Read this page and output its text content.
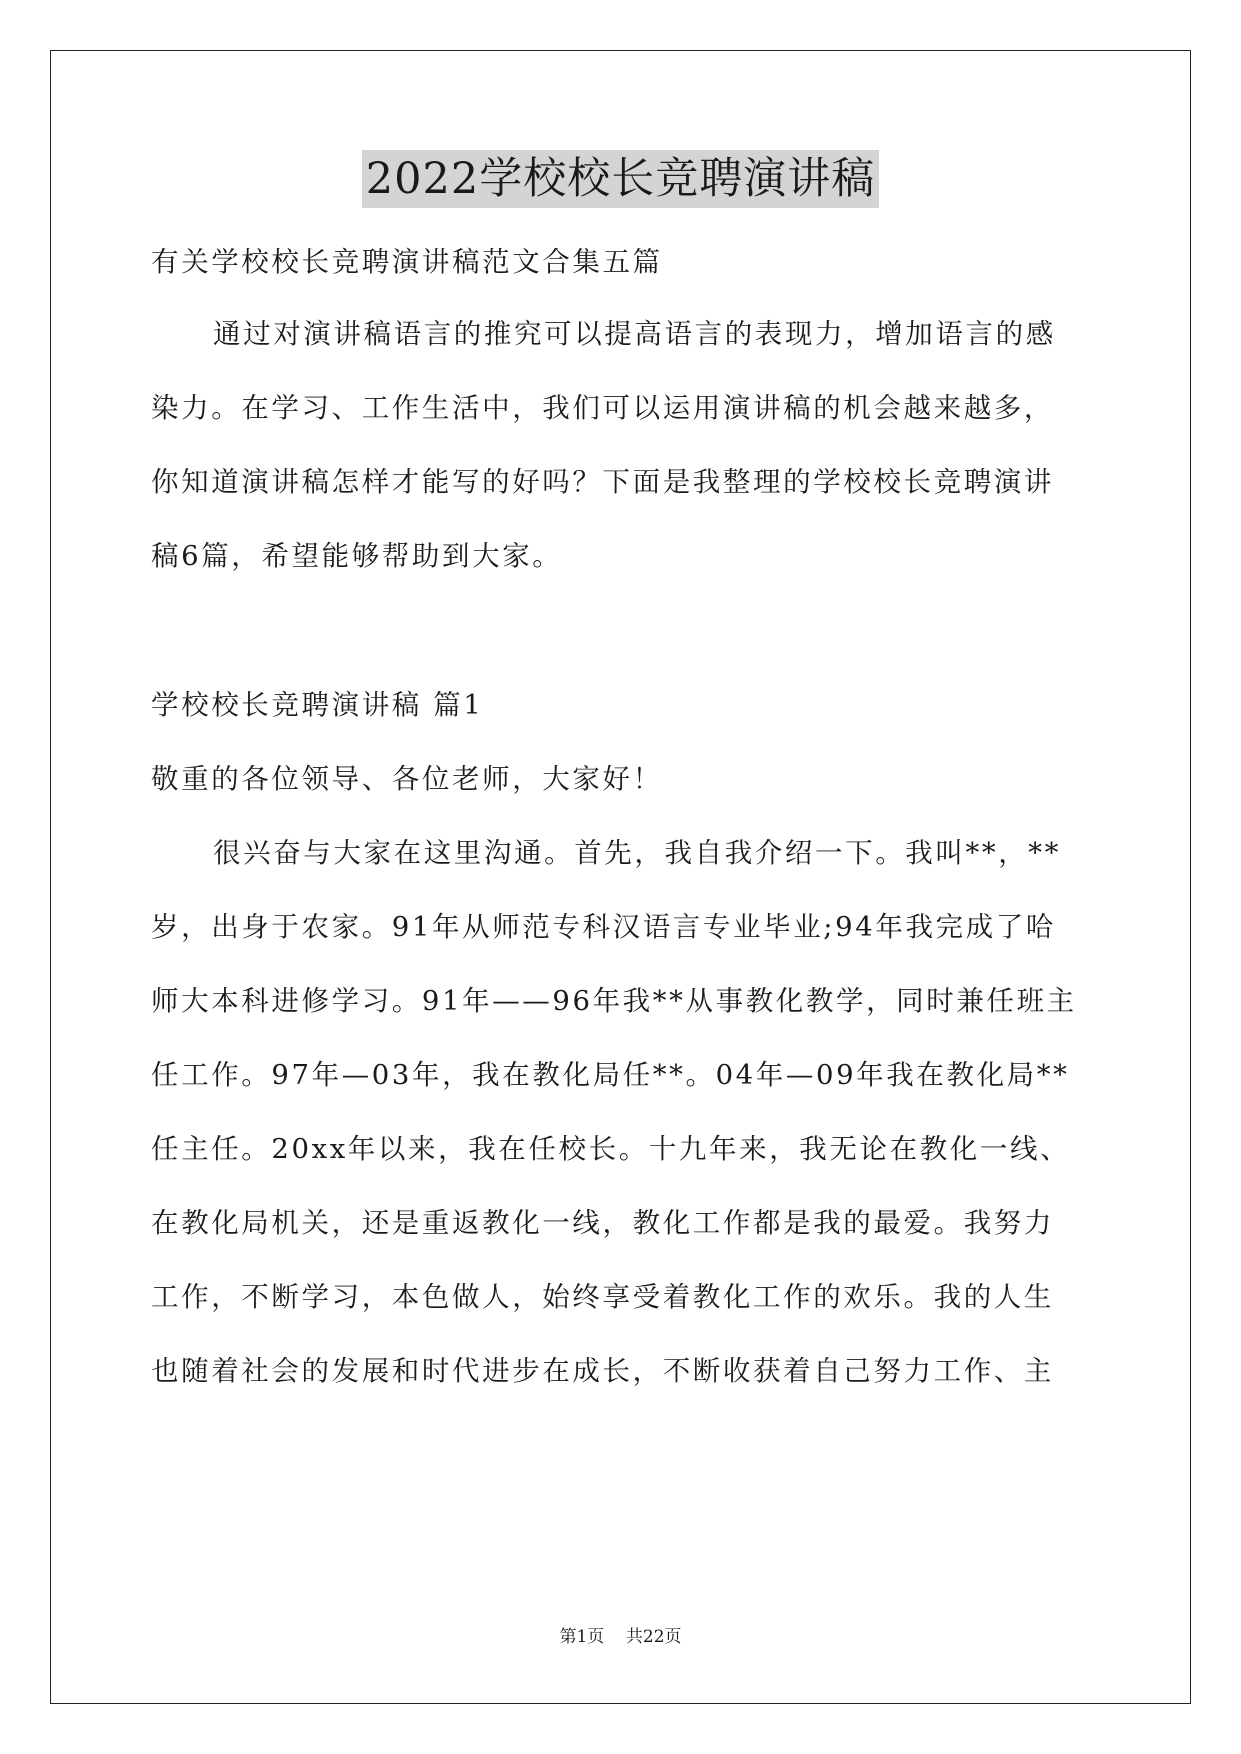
2022学校校长竞聘演讲稿
有关学校校长竞聘演讲稿范文合集五篇
通过对演讲稿语言的推究可以提高语言的表现力，增加语言的感
染力。在学习、工作生活中，我们可以运用演讲稿的机会越来越多，
你知道演讲稿怎样才能写的好吗？下面是我整理的学校校长竞聘演讲
稿6篇，希望能够帮助到大家。
学校校长竞聘演讲稿 篇1
敬重的各位领导、各位老师，大家好！
很兴奋与大家在这里沟通。首先，我自我介绍一下。我叫**，**
岁，出身于农家。91年从师范专科汉语言专业毕业;94年我完成了哈
师大本科进修学习。91年——96年我**从事教化教学，同时兼任班主
任工作。97年—03年，我在教化局任**。04年—09年我在教化局**
任主任。20xx年以来，我在任校长。十九年来，我无论在教化一线、
在教化局机关，还是重返教化一线，教化工作都是我的最爱。我努力
工作，不断学习，本色做人，始终享受着教化工作的欢乐。我的人生
也随着社会的发展和时代进步在成长，不断收获着自己努力工作、主
第1页    共22页
